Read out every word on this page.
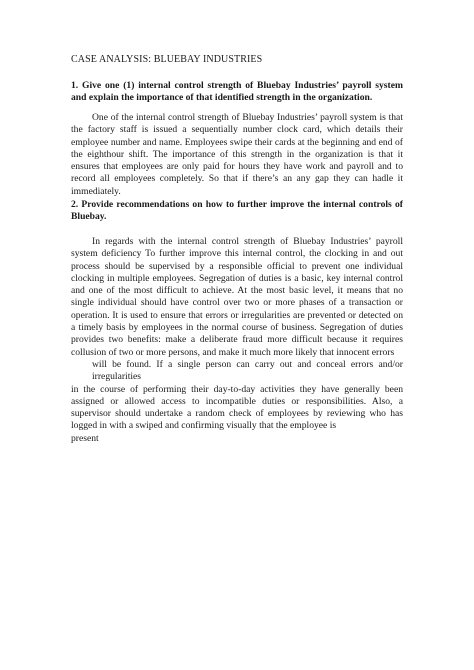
CASE ANALYSIS: BLUEBAY INDUSTRIES
1. Give one (1) internal control strength of Bluebay Industries’ payroll system
and explain the importance of that identified strength in the organization.
One of the internal control strength of Bluebay Industries’ payroll system is that
the factory staff is issued a sequentially number clock card, which details their
employee number and name. Employees swipe their cards at the beginning and end of
the eighthour shift. The importance of this strength in the organization is that it
ensures that employees are only paid for hours they have work and payroll and to
record all employees completely. So that if there’s an any gap they can hadle it
immediately.
2. Provide recommendations on how to further improve the internal controls of
Bluebay.
In regards with the internal control strength of Bluebay Industries’ payroll
system deficiency To further improve this internal control, the clocking in and out
process should be supervised by a responsible official to prevent one individual
clocking in multiple employees. Segregation of duties is a basic, key internal control
and one of the most difficult to achieve. At the most basic level, it means that no
single individual should have control over two or more phases of a transaction or
operation. It is used to ensure that errors or irregularities are prevented or detected on
a timely basis by employees in the normal course of business. Segregation of duties
provides two benefits: make a deliberate fraud more difficult because it requires
collusion of two or more persons, and make it much more likely that innocent errors
will be found. If a single person can carry out and conceal errors and/or irregularities
in the course of performing their day-to-day activities they have generally been
assigned or allowed access to incompatible duties or responsibilities. Also, a
supervisor should undertake a random check of employees by reviewing who has
logged in with a swiped and confirming visually that the employee is
present
